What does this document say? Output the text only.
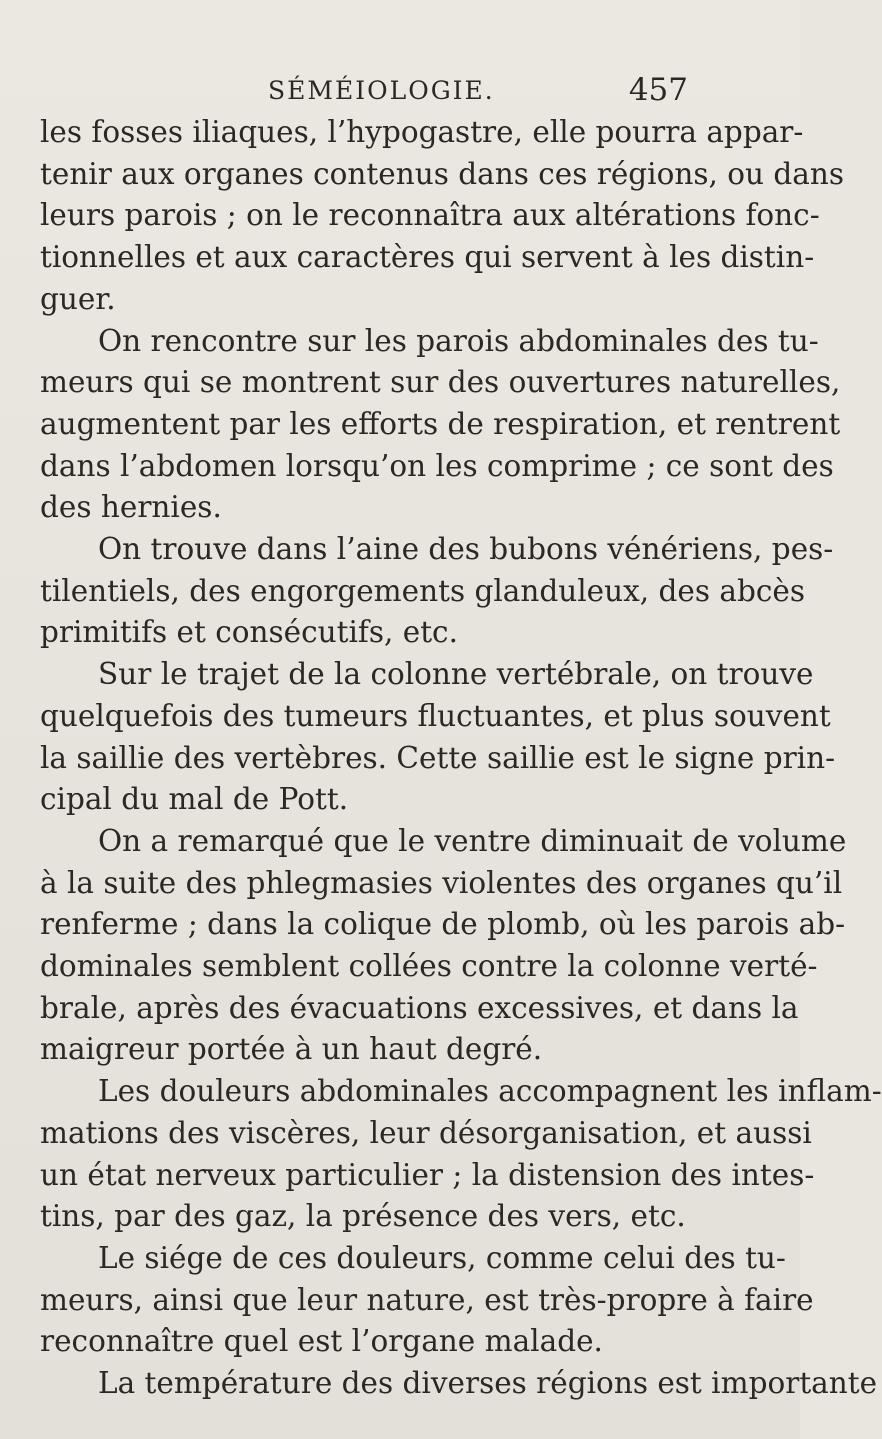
SÉMÉIOLOGIE.	457

les fosses iliaques, l’hypogastre, elle pourra appar-
tenir aux organes contenus dans ces régions, ou dans
leurs parois ; on le reconnaîtra aux altérations fonc-
tionnelles et aux caractères qui servent à les distin-
guer.

On rencontre sur les parois abdominales des tu-
meurs qui se montrent sur des ouvertures naturelles,
augmentent par les efforts de respiration, et rentrent
dans l’abdomen lorsqu’on les comprime ; ce sont des
des hernies.

On trouve dans l’aine des bubons vénériens, pes-
tilentiels, des engorgements glanduleux, des abcès
primitifs et consécutifs, etc.

Sur le trajet de la colonne vertébrale, on trouve
quelquefois des tumeurs fluctuantes, et plus souvent
la saillie des vertèbres. Cette saillie est le signe prin-
cipal du mal de Pott.

On a remarqué que le ventre diminuait de volume
à la suite des phlegmasies violentes des organes qu’il
renferme ; dans la colique de plomb, où les parois ab-
dominales semblent collées contre la colonne verté-
brale, après des évacuations excessives, et dans la
maigreur portée à un haut degré.

Les douleurs abdominales accompagnent les inflam-
mations des viscères, leur désorganisation, et aussi
un état nerveux particulier ; la distension des intes-
tins, par des gaz, la présence des vers, etc.

Le siége de ces douleurs, comme celui des tu-
meurs, ainsi que leur nature, est très-propre à faire
reconnaître quel est l’organe malade.

La température des diverses régions est importante
